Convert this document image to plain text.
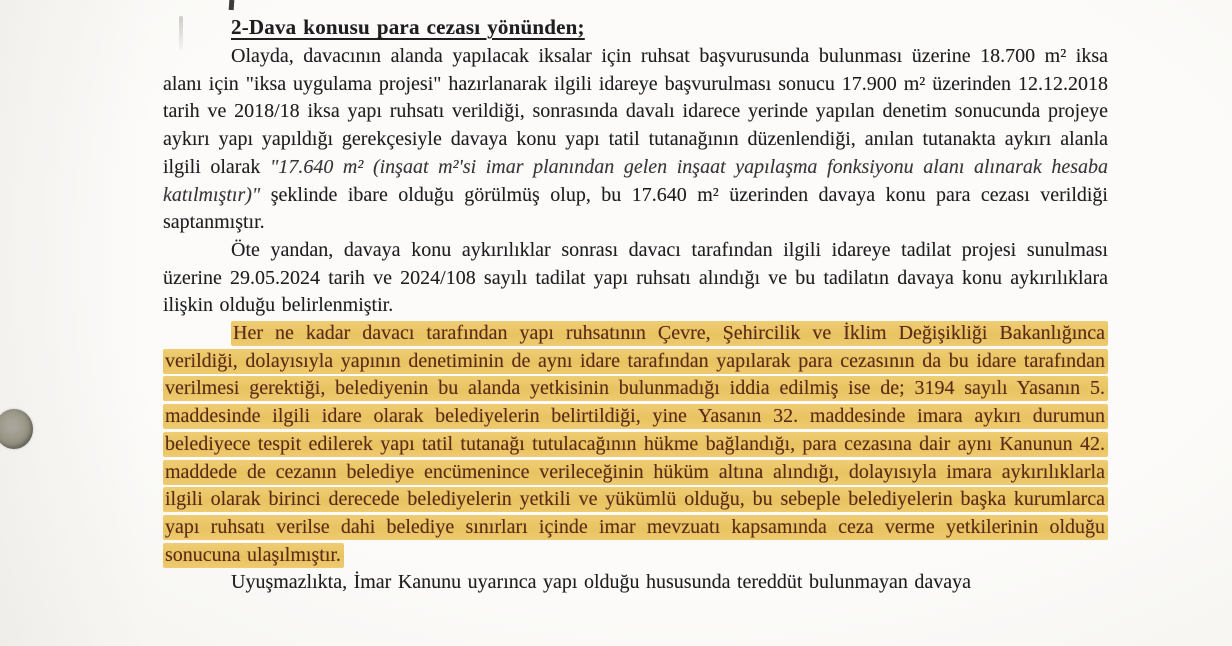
2-Dava konusu para cezası yönünden;

Olayda, davacının alanda yapılacak iksalar için ruhsat başvurusunda bulunması üzerine 18.700 m² iksa alanı için "iksa uygulama projesi" hazırlanarak ilgili idareye başvurulması sonucu 17.900 m² üzerinden 12.12.2018 tarih ve 2018/18 iksa yapı ruhsatı verildiği, sonrasında davalı idarece yerinde yapılan denetim sonucunda projeye aykırı yapı yapıldığı gerekçesiyle davaya konu yapı tatil tutanağının düzenlendiği, anılan tutanakta aykırı alanla ilgili olarak "17.640 m² (inşaat m²'si imar planından gelen inşaat yapılaşma fonksiyonu alanı alınarak hesaba katılmıştır)" şeklinde ibare olduğu görülmüş olup, bu 17.640 m² üzerinden davaya konu para cezası verildiği saptanmıştır.

Öte yandan, davaya konu aykırılıklar sonrası davacı tarafından ilgili idareye tadilat projesi sunulması üzerine 29.05.2024 tarih ve 2024/108 sayılı tadilat yapı ruhsatı alındığı ve bu tadilatın davaya konu aykırılıklara ilişkin olduğu belirlenmiştir.

Her ne kadar davacı tarafından yapı ruhsatının Çevre, Şehircilik ve İklim Değişikliği Bakanlığınca verildiği, dolayısıyla yapının denetiminin de aynı idare tarafından yapılarak para cezasının da bu idare tarafından verilmesi gerektiği, belediyenin bu alanda yetkisinin bulunmadığı iddia edilmiş ise de; 3194 sayılı Yasanın 5. maddesinde ilgili idare olarak belediyelerin belirtildiği, yine Yasanın 32. maddesinde imara aykırı durumun belediyece tespit edilerek yapı tatil tutanağı tutulacağının hükme bağlandığı, para cezasına dair aynı Kanunun 42. maddede de cezanın belediye encümenince verileceğinin hüküm altına alındığı, dolayısıyla imara aykırılıklarla ilgili olarak birinci derecede belediyelerin yetkili ve yükümlü olduğu, bu sebeple belediyelerin başka kurumlarca yapı ruhsatı verilse dahi belediye sınırları içinde imar mevzuatı kapsamında ceza verme yetkilerinin olduğu sonucuna ulaşılmıştır.

Uyuşmazlıkta, İmar Kanunu uyarınca yapı olduğu hususunda tereddüt bulunmayan davaya
